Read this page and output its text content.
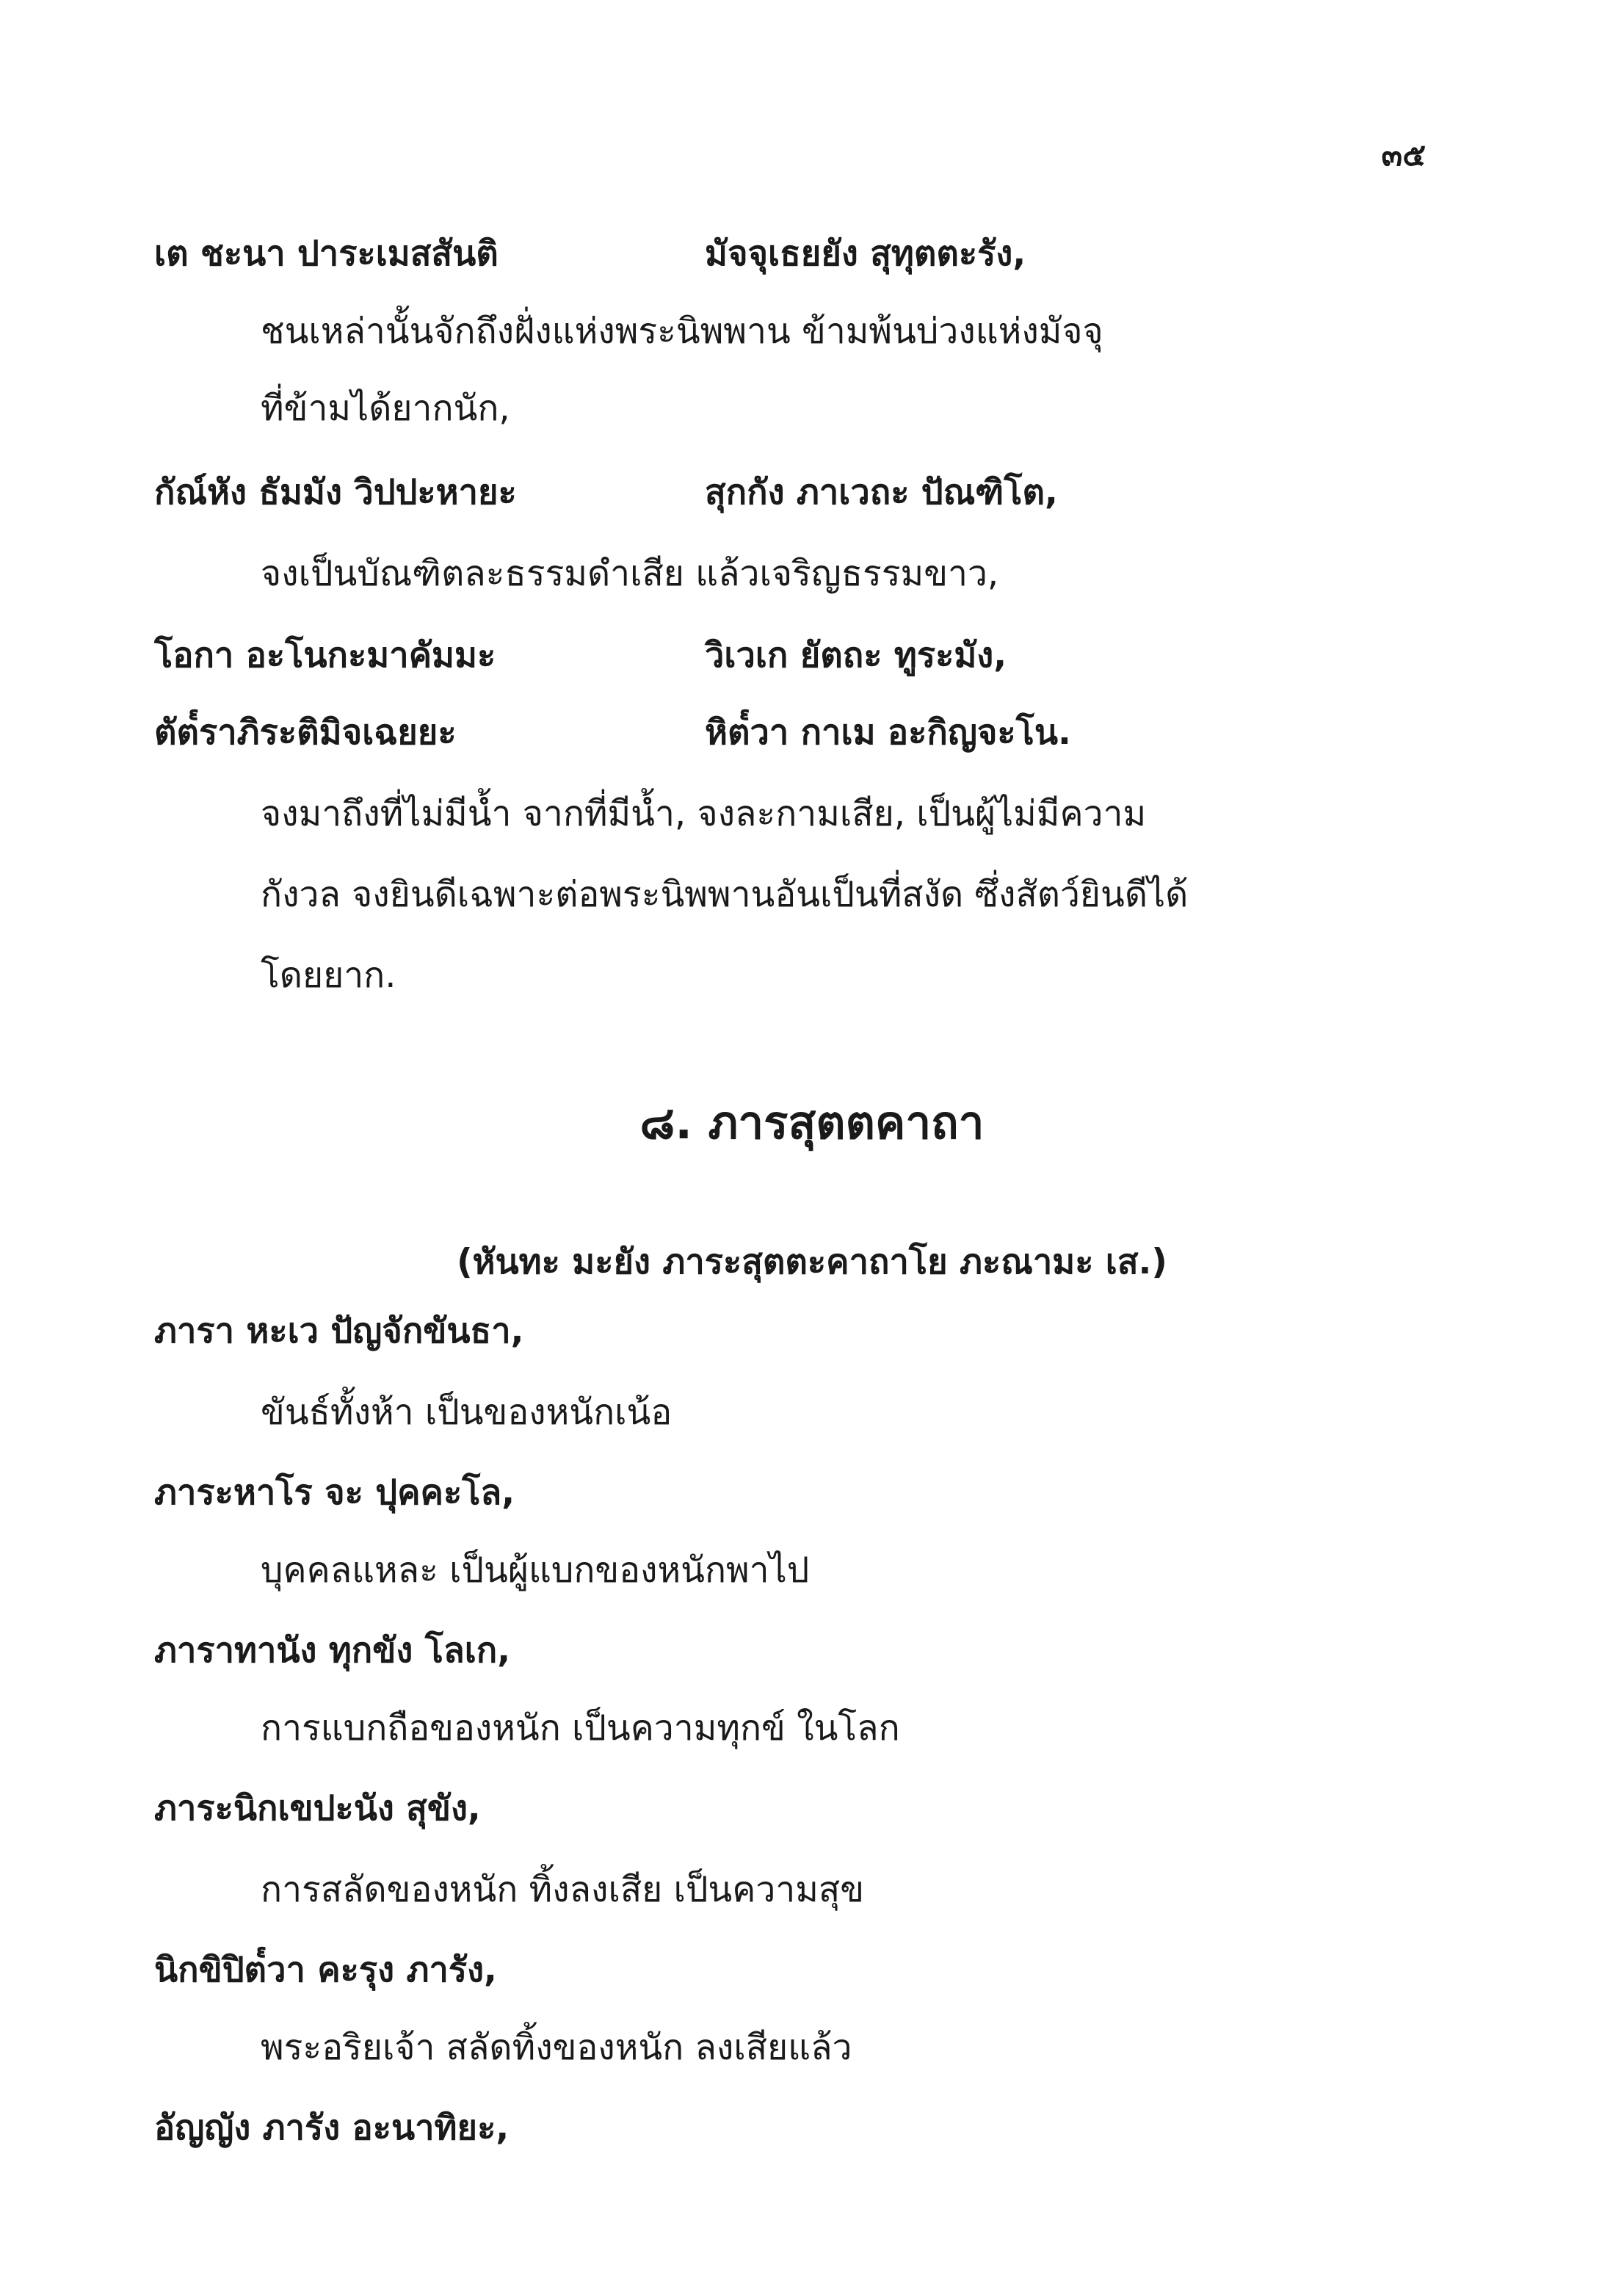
๓๕
เต ชะนา ปาระเมสสันติ	มัจจุเธยยัง สุทุตตะรัง,
ชนเหล่านั้นจักถึงฝั่งแห่งพระนิพพาน ข้ามพ้นบ่วงแห่งมัจจุ
ที่ข้ามได้ยากนัก,
กัณ์หัง ธัมมัง วิปปะหายะ	สุกกัง ภาเวถะ ปัณฑิโต,
จงเป็นบัณฑิตละธรรมดำเสีย แล้วเจริญธรรมขาว,
โอกา อะโนกะมาคัมมะ	วิเวเก ยัตถะ ทูระมัง,
ตัต๎ราภิระติมิจเฉยยะ	หิต๎วา กาเม อะกิญจะโน.
จงมาถึงที่ไม่มีน้ำ จากที่มีน้ำ, จงละกามเสีย, เป็นผู้ไม่มีความ
กังวล จงยินดีเฉพาะต่อพระนิพพานอันเป็นที่สงัด ซึ่งสัตว์ยินดีได้
โดยยาก.
๘. ภารสุตตคาถา
(หันทะ มะยัง ภาระสุตตะคาถาโย ภะณามะ เส.)
ภารา หะเว ปัญจักขันธา,
ขันธ์ทั้งห้า เป็นของหนักเน้อ
ภาระหาโร จะ ปุคคะโล,
บุคคลแหละ เป็นผู้แบกของหนักพาไป
ภาราทานัง ทุกขัง โลเก,
การแบกถือของหนัก เป็นความทุกข์ ในโลก
ภาระนิกเขปะนัง สุขัง,
การสลัดของหนัก ทิ้งลงเสีย เป็นความสุข
นิกขิปิต๎วา คะรุง ภารัง,
พระอริยเจ้า สลัดทิ้งของหนัก ลงเสียแล้ว
อัญญัง ภารัง อะนาทิยะ,
